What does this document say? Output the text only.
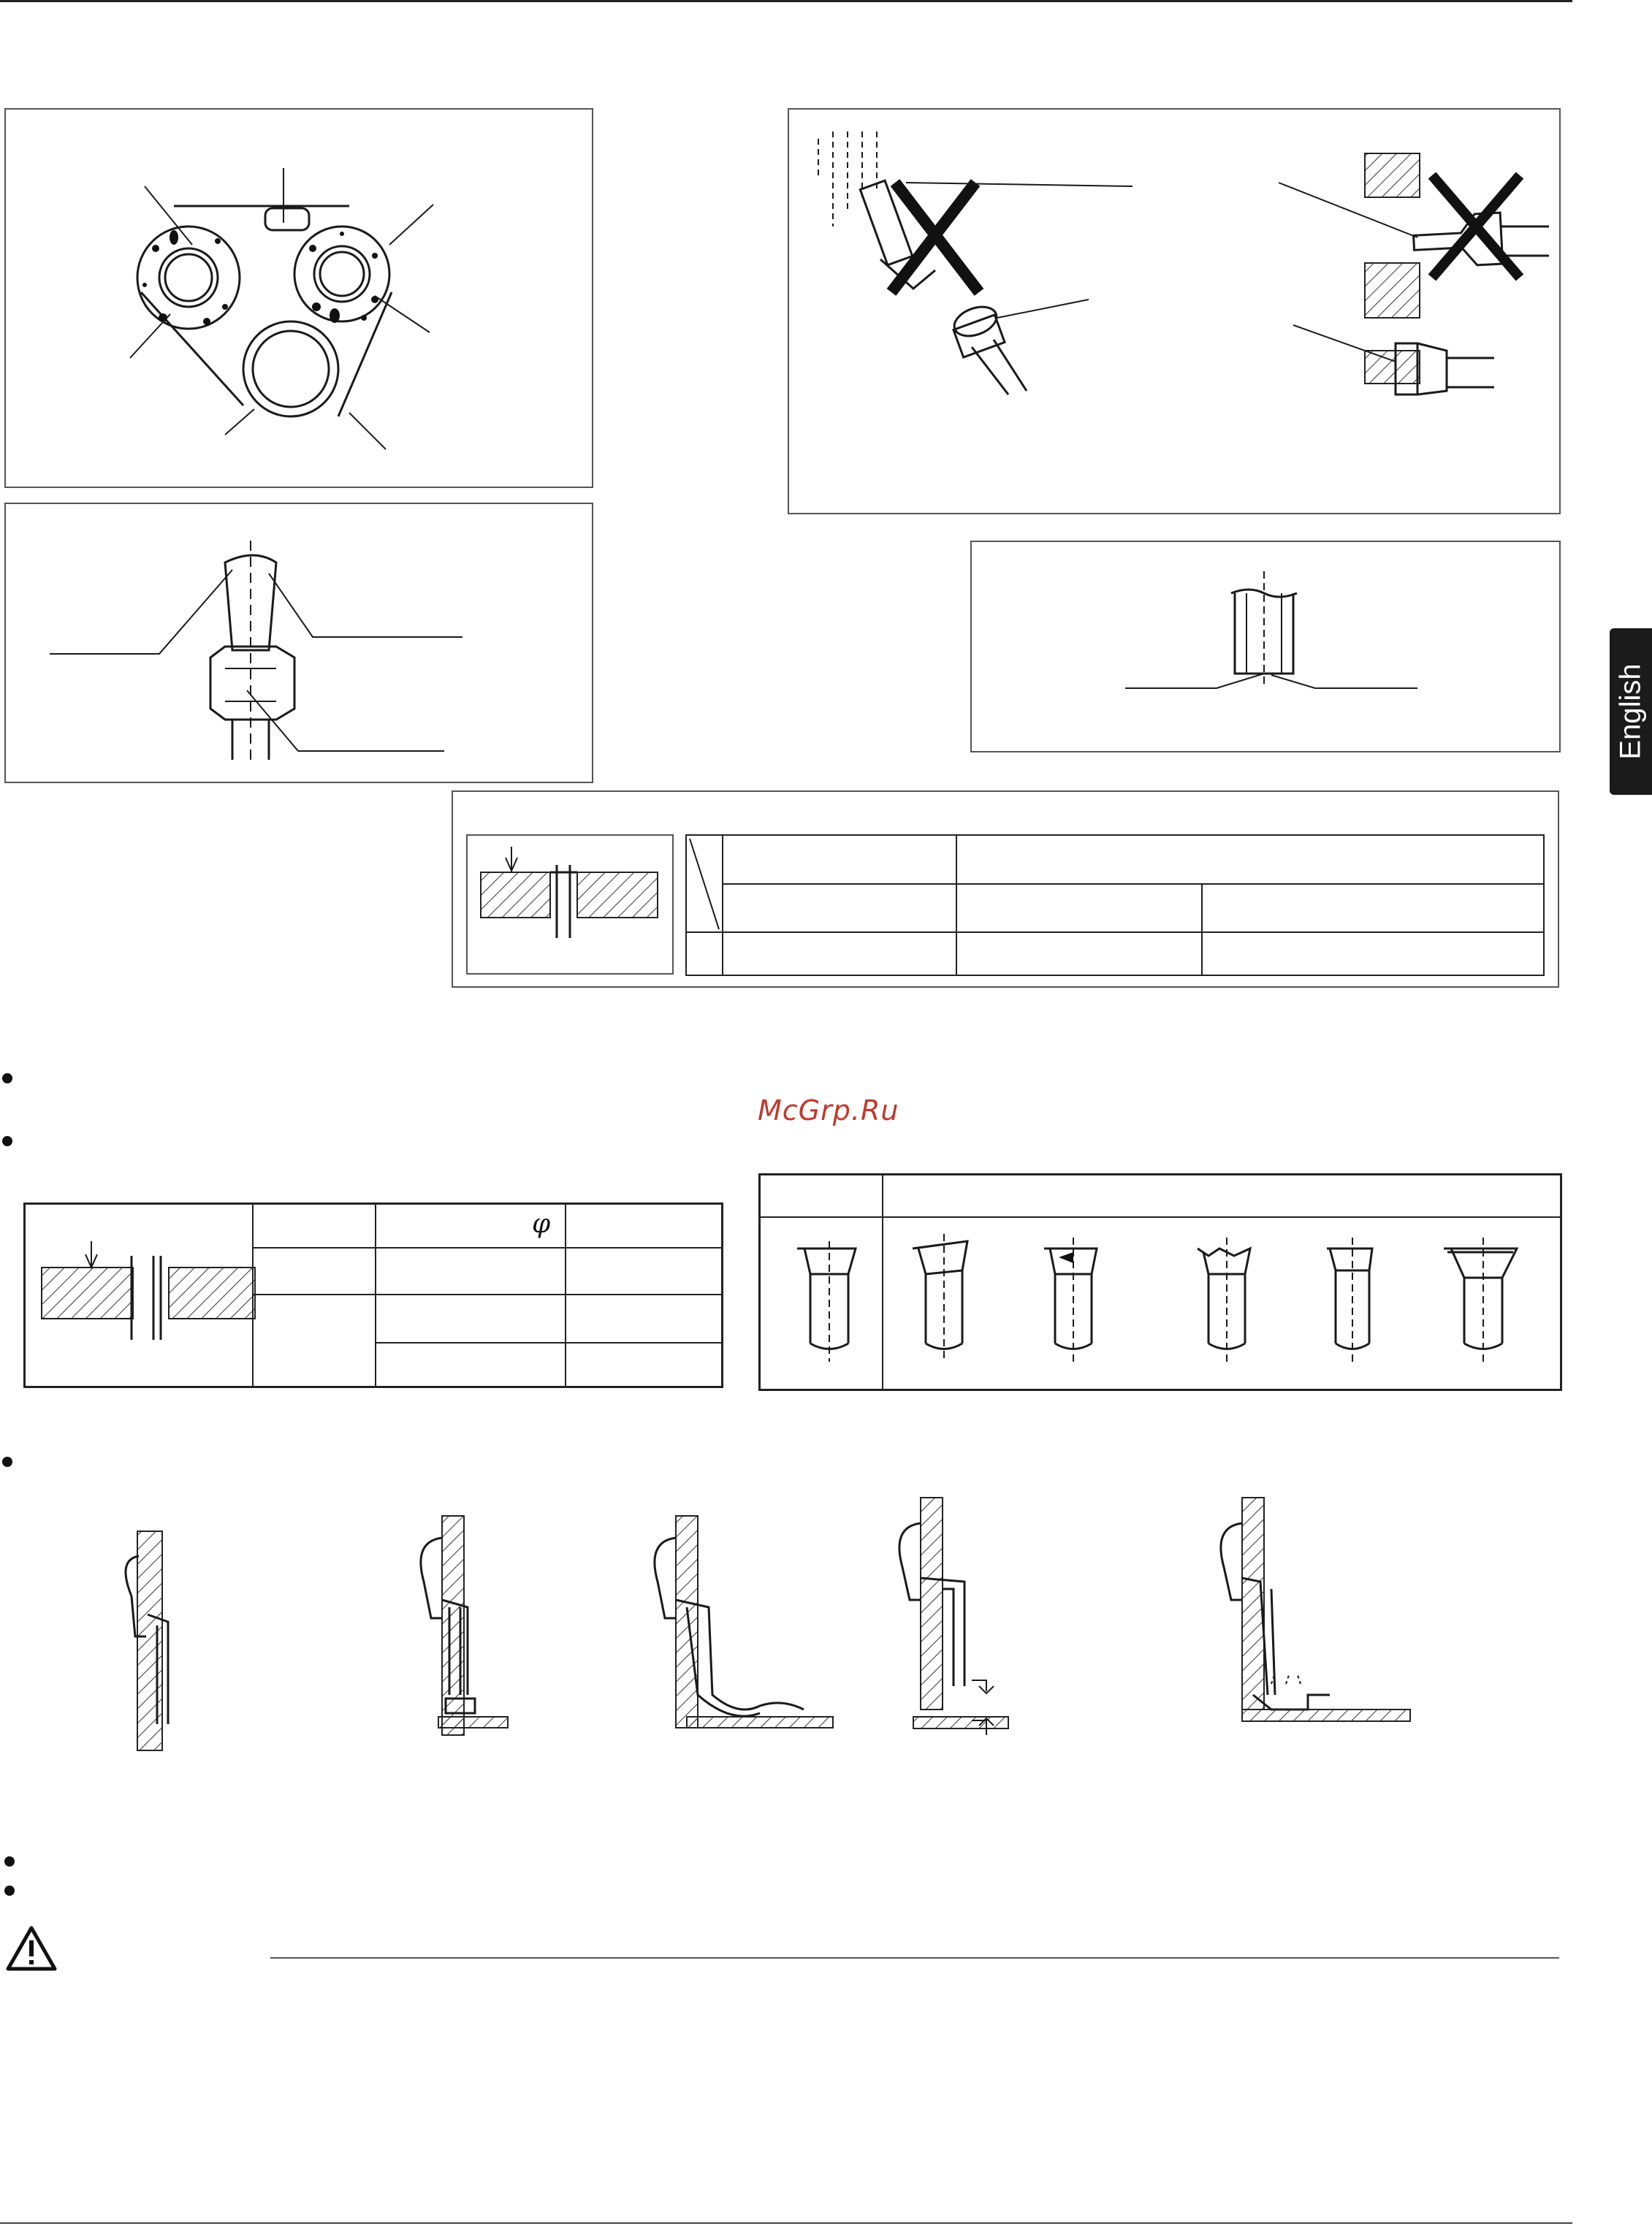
English

McGrp.Ru
φ
